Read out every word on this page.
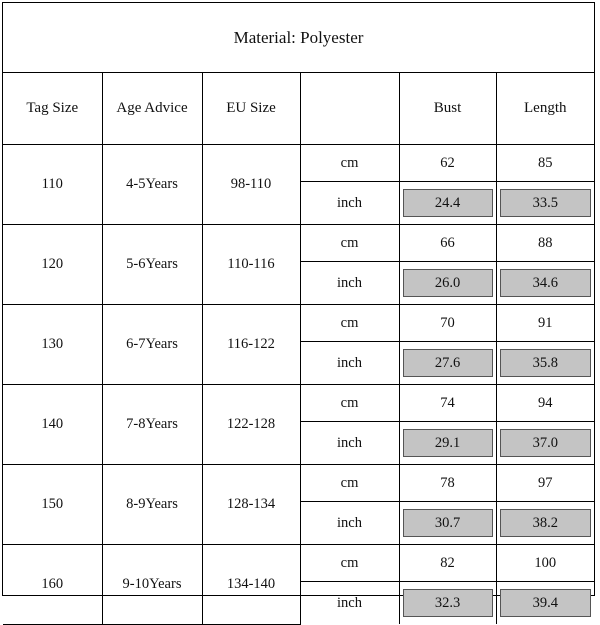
Material: Polyester
Tag Size	Age Advice	EU Size		Bust	Length
110	4-5Years	98-110	cm	62	85
			inch	24.4	33.5

120	5-6Years	110-116	cm	66	88
			inch	26.0	34.6

130	6-7Years	116-122	cm	70	91
			inch	27.6	35.8

140	7-8Years	122-128	cm	74	94
			inch	29.1	37.0

150	8-9Years	128-134	cm	78	97
			inch	30.7	38.2

160	9-10Years	134-140	cm	82	100
			inch	32.3	39.4
